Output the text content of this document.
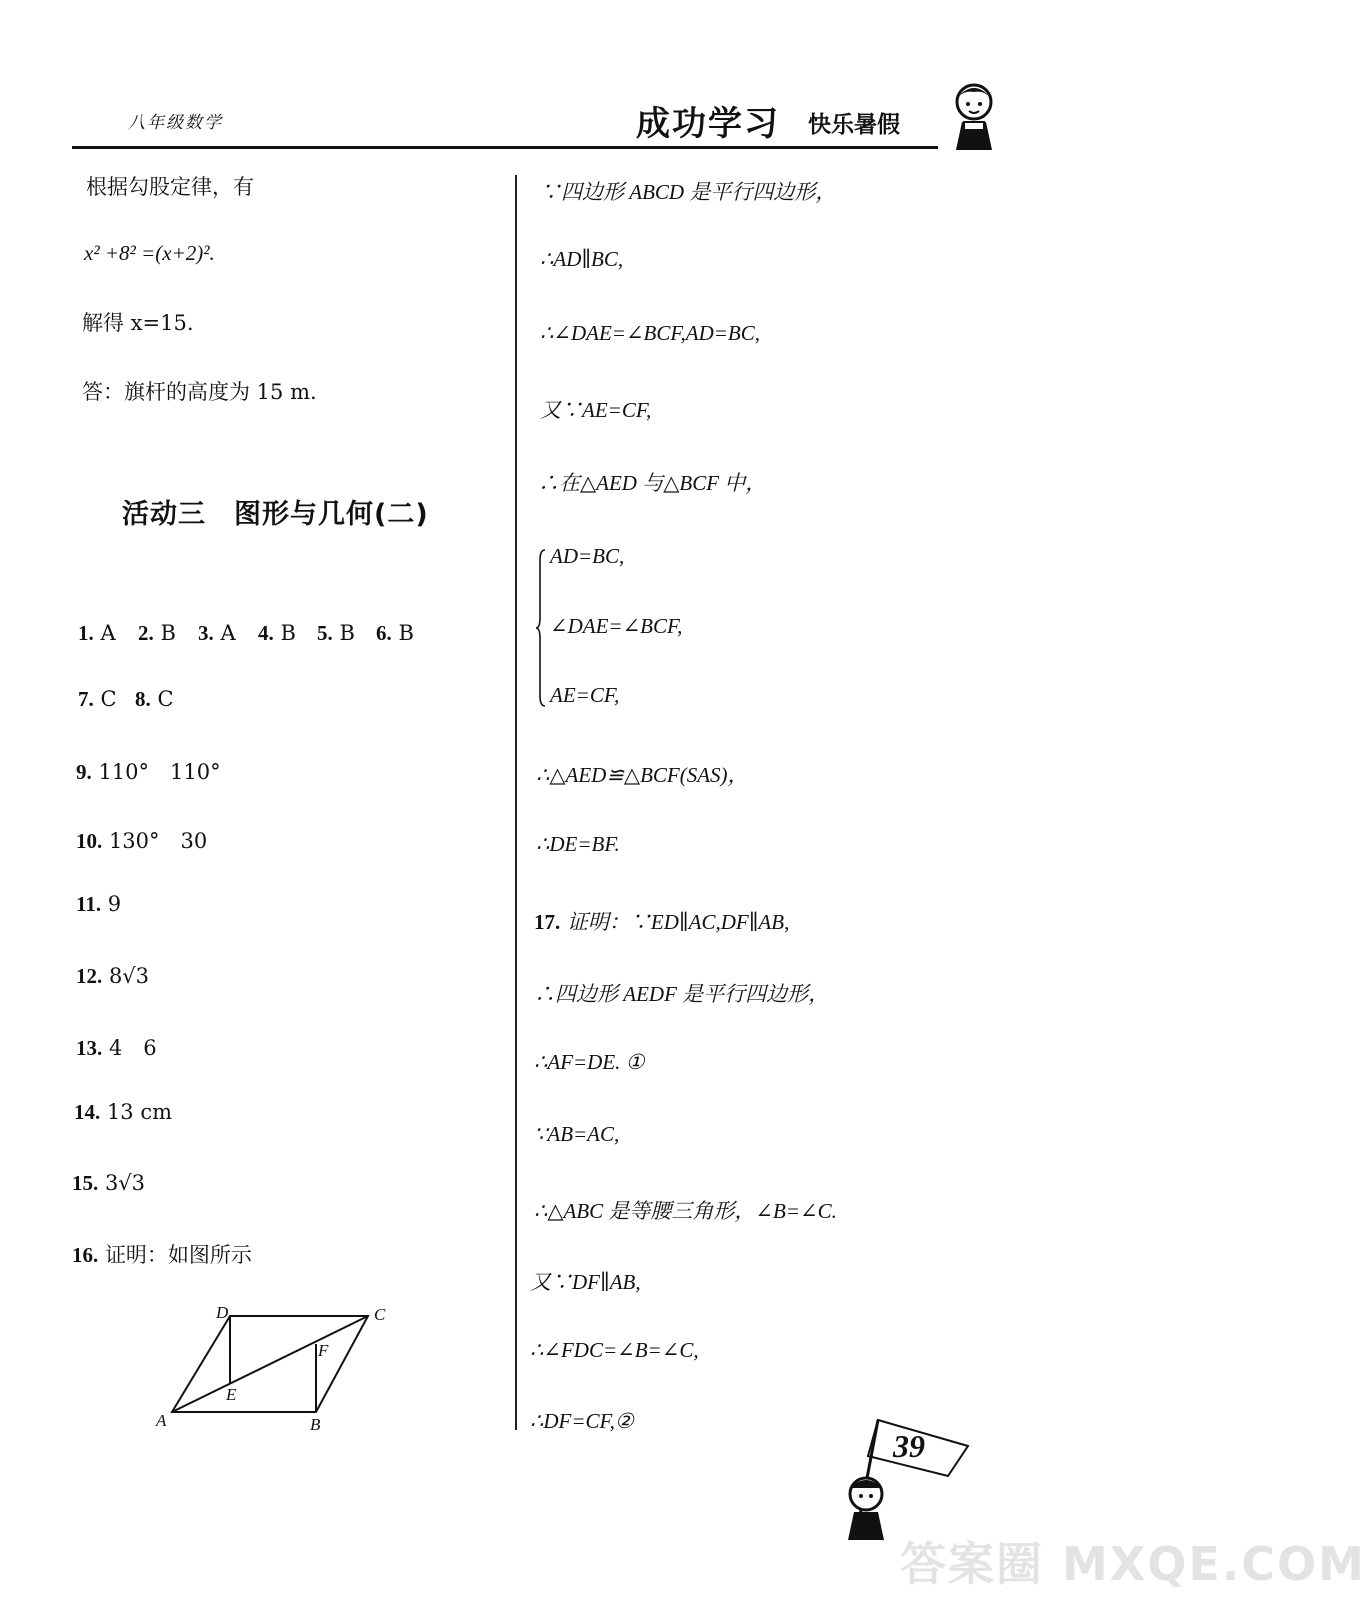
八年级数学	成功学习 快乐暑假
根据勾股定律，有
x² +8² =(x+2)².
解得 x=15.
答：旗杆的高度为 15 m.
活动三　图形与几何(二)
1. A 2. B 3. A 4. B 5. B 6. B
7. C 8. C
9. 110°　110°
10. 130°　30
11. 9
12. 8√3
13. 4　6
14. 13 cm
15. 3√3
16. 证明：如图所示
A	B
C
D
E
F
∵四边形 ABCD 是平行四边形，
∴AD∥BC,
∴∠DAE=∠BCF,AD=BC,
又∵AE=CF,
∴在△AED 与△BCF 中，
AD=BC,
∠DAE=∠BCF,
AE=CF,
∴△AED≌△BCF(SAS)，
∴DE=BF.
17. 证明：∵ED∥AC,DF∥AB,
∴四边形 AEDF 是平行四边形，
∴AF=DE. ①
∵AB=AC,
∴△ABC 是等腰三角形，∠B=∠C.
又∵DF∥AB,
∴∠FDC=∠B=∠C,
∴DF=CF,②
39
答案圈 MXQE.COM
